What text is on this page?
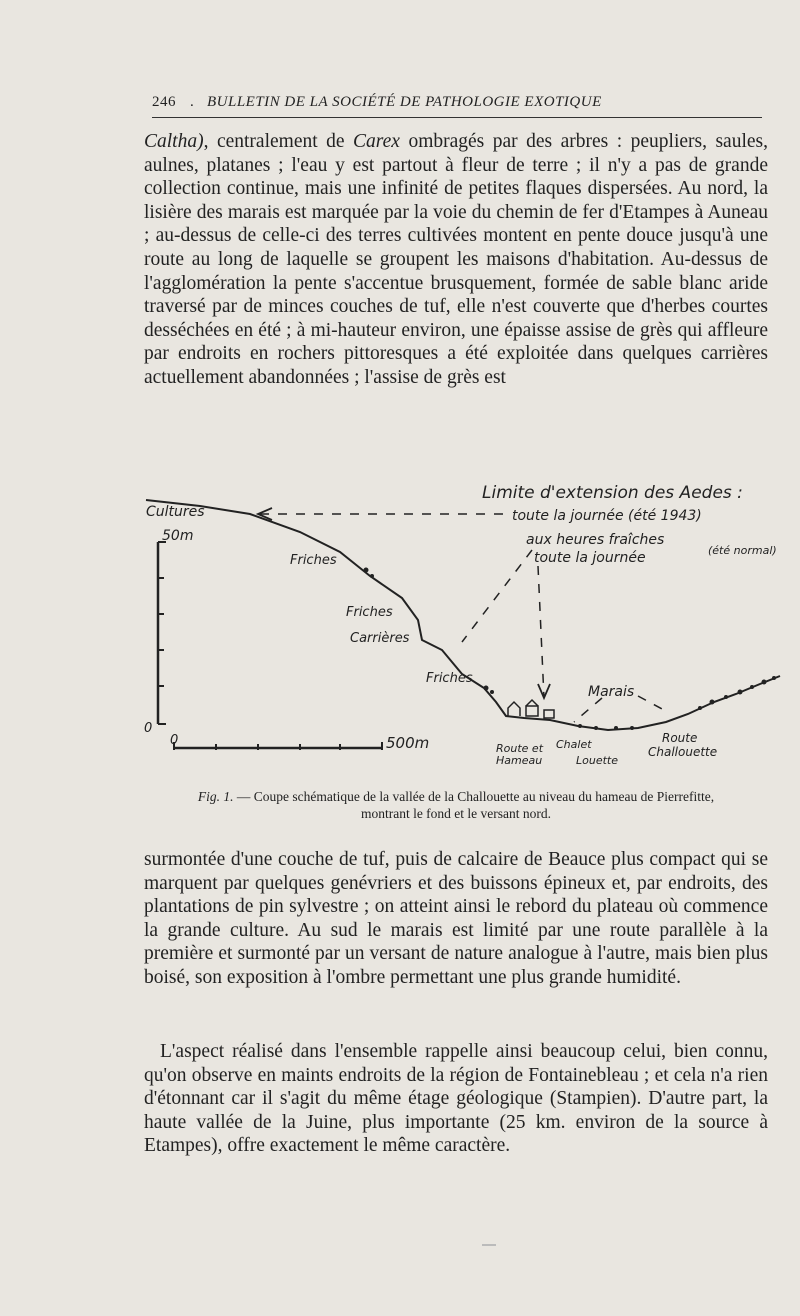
246 . BULLETIN DE LA SOCIÉTÉ DE PATHOLOGIE EXOTIQUE
Caltha), centralement de Carex ombragés par des arbres : peupliers, saules, aulnes, platanes ; l'eau y est partout à fleur de terre ; il n'y a pas de grande collection continue, mais une infinité de petites flaques dispersées. Au nord, la lisière des marais est marquée par la voie du chemin de fer d'Etampes à Auneau ; au-dessus de celle-ci des terres cultivées montent en pente douce jusqu'à une route au long de laquelle se groupent les maisons d'habitation. Au-dessus de l'agglomération la pente s'accentue brusquement, formée de sable blanc aride traversé par de minces couches de tuf, elle n'est couverte que d'herbes courtes desséchées en été ; à mi-hauteur environ, une épaisse assise de grès qui affleure par endroits en rochers pittoresques a été exploitée dans quelques carrières actuellement abandonnées ; l'assise de grès est
50m
0
0	500m
Limite d'extension des Aedes :
toute la journée (été 1943)
aux heures fraîches
toute la journée	(été normal)
Cultures
Friches
Friches
Carrières
Friches
Marais
Route et
Hameau
Chalet
Louette
Route
Challouette
Fig. 1. — Coupe schématique de la vallée de la Challouette au niveau du hameau de Pierrefitte, montrant le fond et le versant nord.
surmontée d'une couche de tuf, puis de calcaire de Beauce plus compact qui se marquent par quelques genévriers et des buissons épineux et, par endroits, des plantations de pin sylvestre ; on atteint ainsi le rebord du plateau où commence la grande culture. Au sud le marais est limité par une route parallèle à la première et surmonté par un versant de nature analogue à l'autre, mais bien plus boisé, son exposition à l'ombre permettant une plus grande humidité.
L'aspect réalisé dans l'ensemble rappelle ainsi beaucoup celui, bien connu, qu'on observe en maints endroits de la région de Fontainebleau ; et cela n'a rien d'étonnant car il s'agit du même étage géologique (Stampien). D'autre part, la haute vallée de la Juine, plus importante (25 km. environ de la source à Etampes), offre exactement le même caractère.
